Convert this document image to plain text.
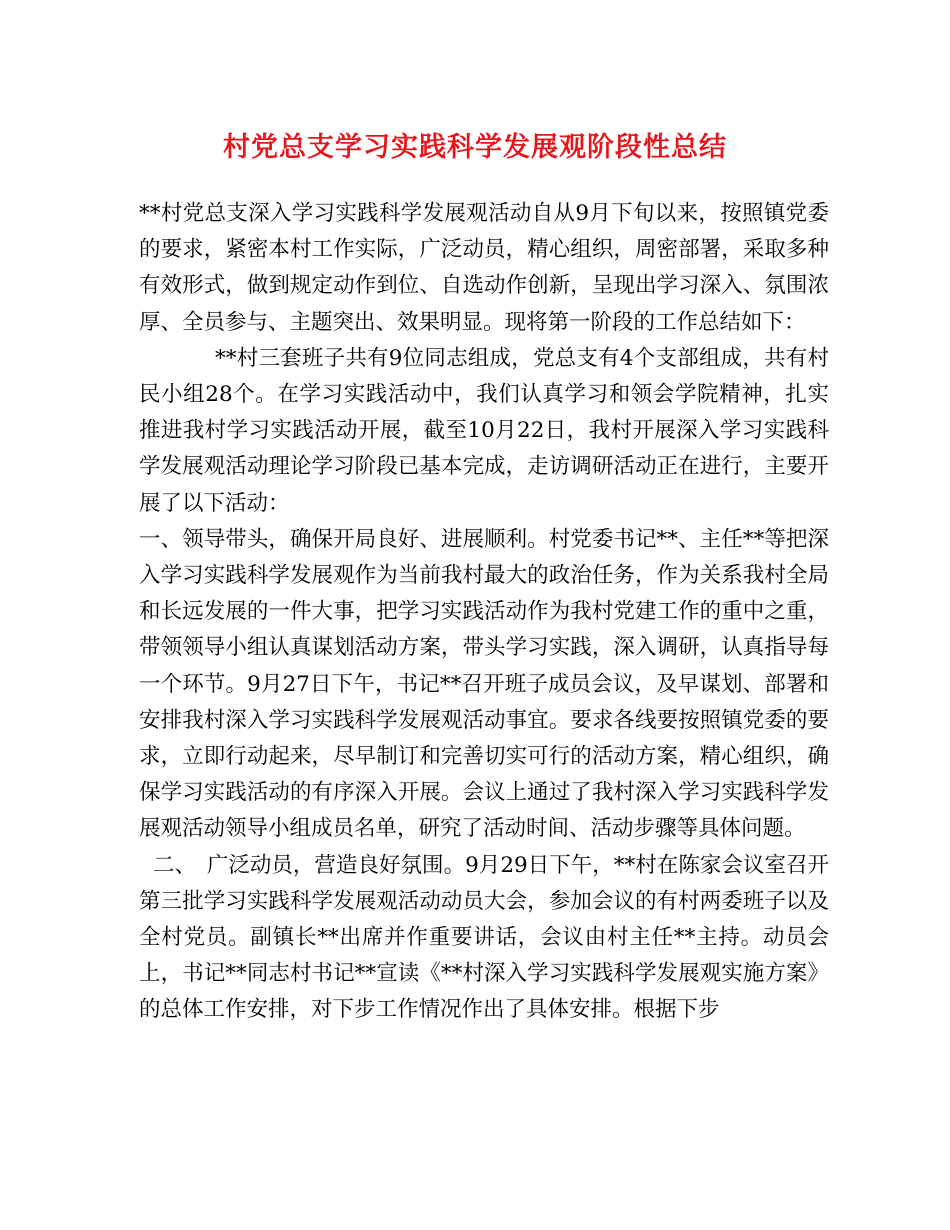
村党总支学习实践科学发展观阶段性总结

**村党总支深入学习实践科学发展观活动自从9月下旬以来，按照镇党委的要求，紧密本村工作实际，广泛动员，精心组织，周密部署，采取多种有效形式，做到规定动作到位、自选动作创新，呈现出学习深入、氛围浓厚、全员参与、主题突出、效果明显。现将第一阶段的工作总结如下：

**村三套班子共有9位同志组成，党总支有4个支部组成，共有村民小组28个。在学习实践活动中，我们认真学习和领会学院精神，扎实推进我村学习实践活动开展，截至10月22日，我村开展深入学习实践科学发展观活动理论学习阶段已基本完成，走访调研活动正在进行，主要开展了以下活动：

一、领导带头，确保开局良好、进展顺利。村党委书记**、主任**等把深入学习实践科学发展观作为当前我村最大的政治任务，作为关系我村全局和长远发展的一件大事，把学习实践活动作为我村党建工作的重中之重，带领领导小组认真谋划活动方案，带头学习实践，深入调研，认真指导每一个环节。9月27日下午，书记**召开班子成员会议，及早谋划、部署和安排我村深入学习实践科学发展观活动事宜。要求各线要按照镇党委的要求，立即行动起来，尽早制订和完善切实可行的活动方案，精心组织，确保学习实践活动的有序深入开展。会议上通过了我村深入学习实践科学发展观活动领导小组成员名单，研究了活动时间、活动步骤等具体问题。

二、　广泛动员，营造良好氛围。9月29日下午，**村在陈家会议室召开第三批学习实践科学发展观活动动员大会，参加会议的有村两委班子以及全村党员。副镇长**出席并作重要讲话，会议由村主任**主持。动员会上，书记**同志村书记**宣读《**村深入学习实践科学发展观实施方案》的总体工作安排，对下步工作情况作出了具体安排。根据下步
